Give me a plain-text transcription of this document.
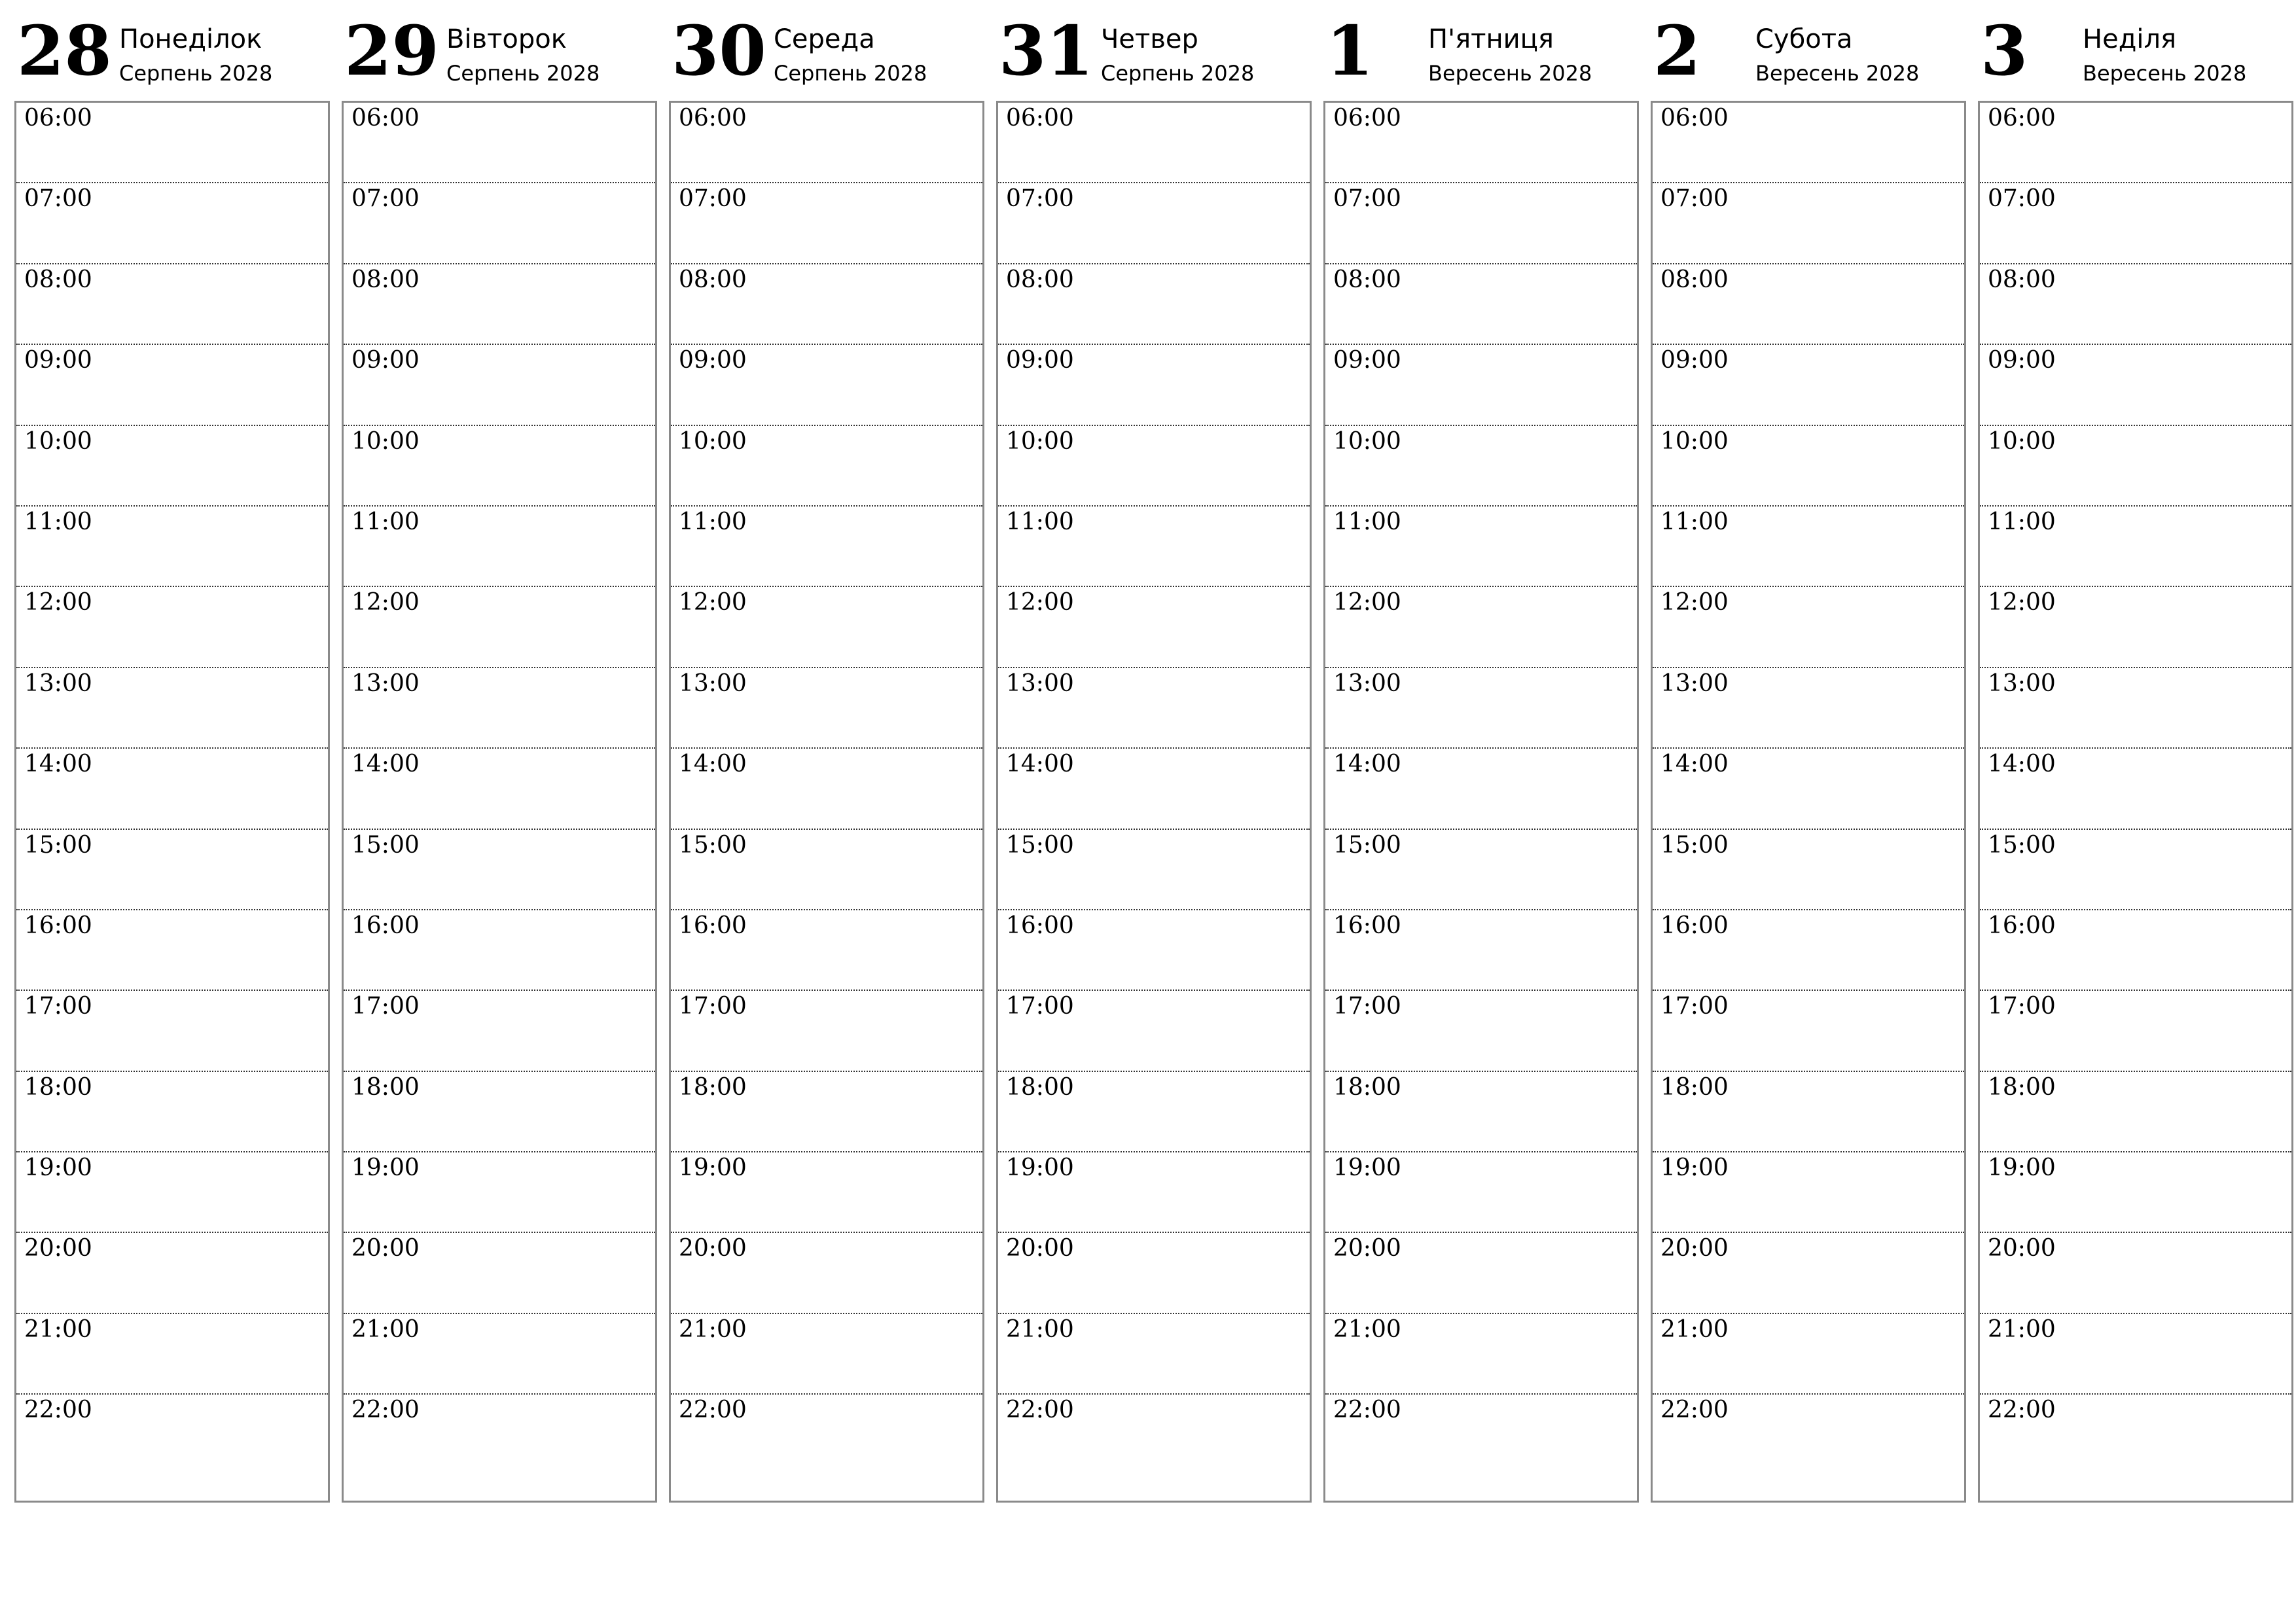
28 Понеділок
Серпень 2028
06:00
07:00
08:00
09:00
10:00
11:00
12:00
13:00
14:00
15:00
16:00
17:00
18:00
19:00
20:00
21:00
22:00
29 Вівторок
Серпень 2028
06:00
07:00
08:00
09:00
10:00
11:00
12:00
13:00
14:00
15:00
16:00
17:00
18:00
19:00
20:00
21:00
22:00
30 Середа
Серпень 2028
06:00
07:00
08:00
09:00
10:00
11:00
12:00
13:00
14:00
15:00
16:00
17:00
18:00
19:00
20:00
21:00
22:00
31 Четвер
Серпень 2028
06:00
07:00
08:00
09:00
10:00
11:00
12:00
13:00
14:00
15:00
16:00
17:00
18:00
19:00
20:00
21:00
22:00
1 П'ятниця
Вересень 2028
06:00
07:00
08:00
09:00
10:00
11:00
12:00
13:00
14:00
15:00
16:00
17:00
18:00
19:00
20:00
21:00
22:00
2 Субота
Вересень 2028
06:00
07:00
08:00
09:00
10:00
11:00
12:00
13:00
14:00
15:00
16:00
17:00
18:00
19:00
20:00
21:00
22:00
3 Неділя
Вересень 2028
06:00
07:00
08:00
09:00
10:00
11:00
12:00
13:00
14:00
15:00
16:00
17:00
18:00
19:00
20:00
21:00
22:00
